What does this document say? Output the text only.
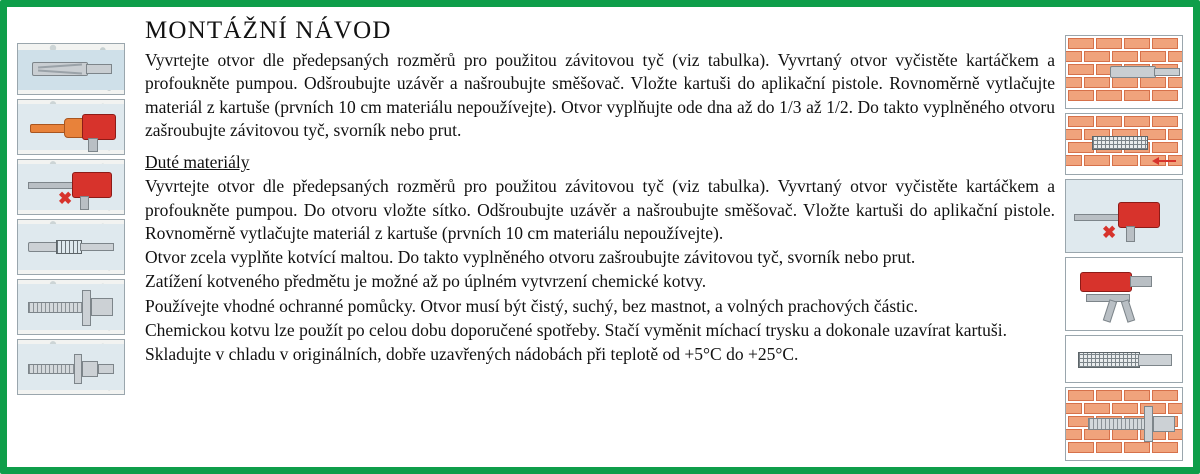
✖
✖
MONTÁŽNÍ NÁVOD

Vyvrtejte otvor dle předepsaných rozměrů pro použitou závitovou tyč (viz tabulka). Vyvrtaný otvor vyčistěte kartáčkem a profoukněte pumpou. Odšroubujte uzávěr a našroubujte směšovač. Vložte kartuši do aplikační pistole. Rovnoměrně vytlačujte materiál z kartuše (prvních 10 cm materiálu nepoužívejte). Otvor vyplňujte ode dna až do 1/3 až 1/2. Do takto vyplněného otvoru zašroubujte závitovou tyč, svorník nebo prut.

Duté materiály

Vyvrtejte otvor dle předepsaných rozměrů pro použitou závitovou tyč (viz tabulka). Vyvrtaný otvor vyčistěte kartáčkem a profoukněte pumpou. Do otvoru vložte sítko. Odšroubujte uzávěr a našroubujte směšovač. Vložte kartuši do aplikační pistole. Rovnoměrně vytlačujte materiál z kartuše (prvních 10 cm materiálu nepoužívejte).

Otvor zcela vyplňte kotvící maltou. Do takto vyplněného otvoru zašroubujte závitovou tyč, svorník nebo prut.

Zatížení kotveného předmětu je možné až po úplném vytvrzení chemické kotvy.

Používejte vhodné ochranné pomůcky. Otvor musí být čistý, suchý, bez mastnot, a volných prachových částic.

Chemickou kotvu lze použít po celou dobu doporučené spotřeby. Stačí vyměnit míchací trysku a dokonale uzavírat kartuši.

Skladujte v chladu v originálních, dobře uzavřených nádobách při teplotě od +5°C do +25°C.
